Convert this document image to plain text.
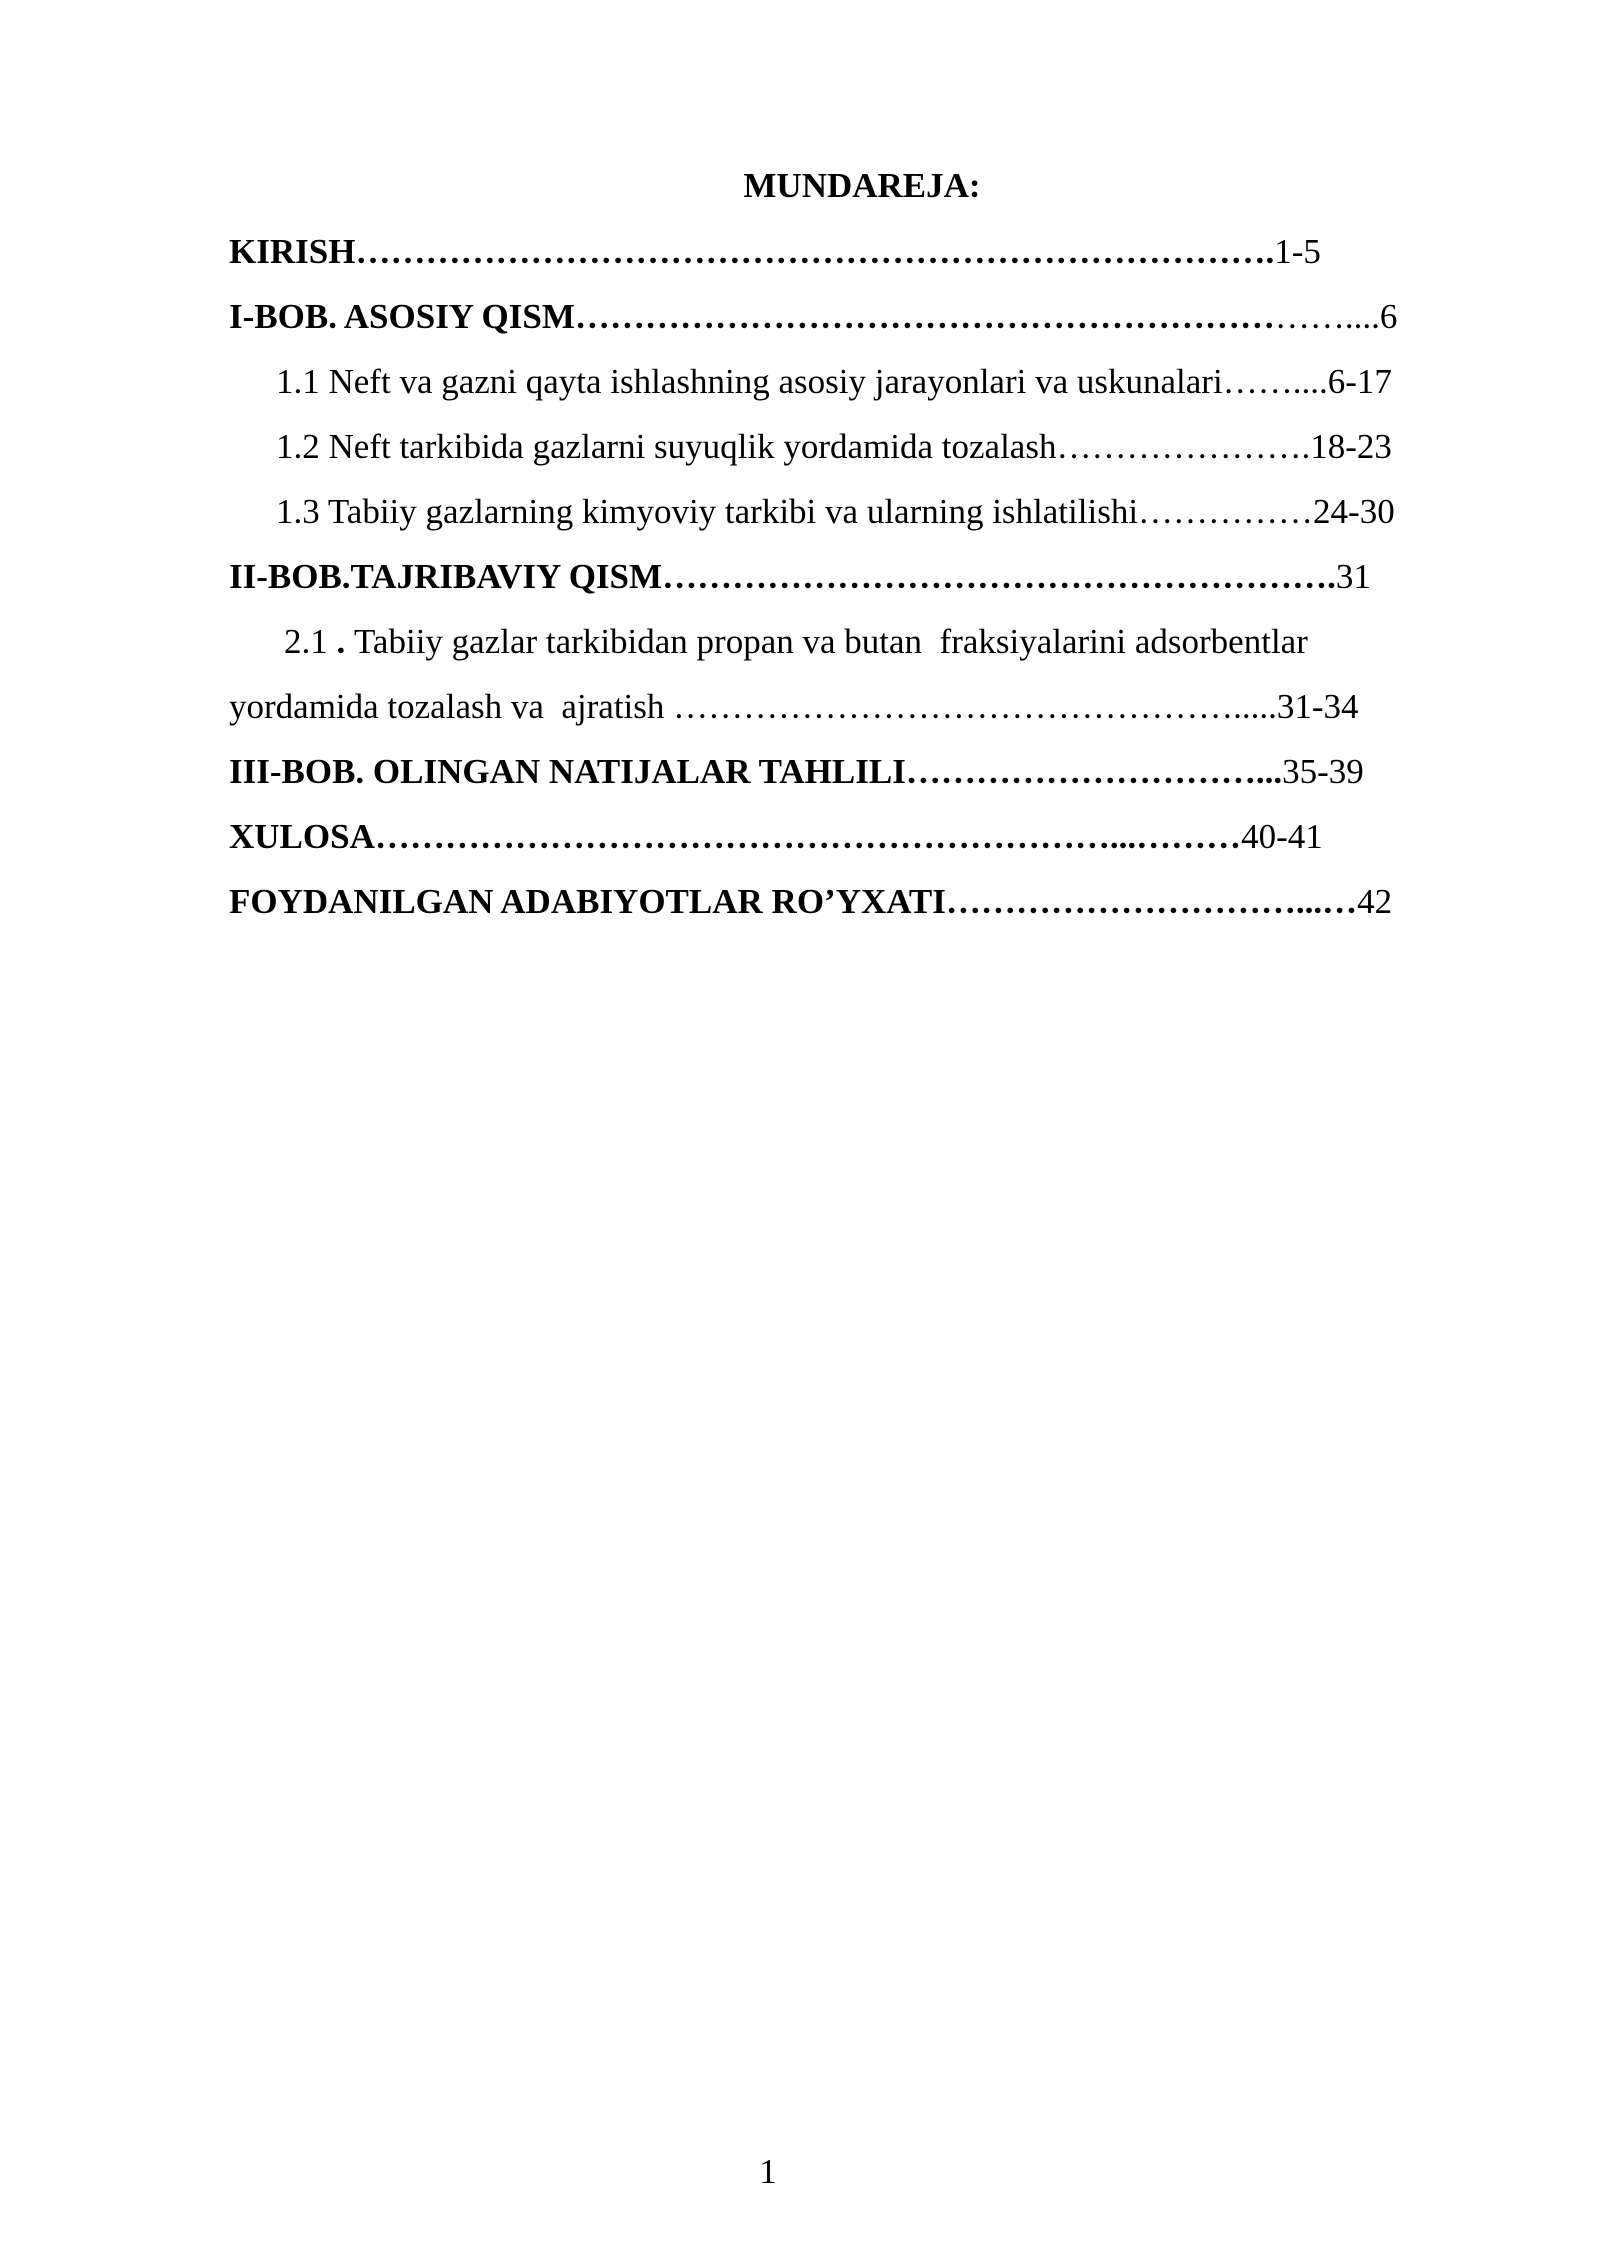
MUNDAREJA:
KIRISH…………………………………………………………………….1-5
I-BOB. ASOSIY QISM…………………………………………………………....6
1.1 Neft va gazni qayta ishlashning asosiy jarayonlari va uskunalari……....6-17
1.2 Neft tarkibida gazlarni suyuqlik yordamida tozalash………………….18-23
1.3 Tabiiy gazlarning kimyoviy tarkibi va ularning ishlatilishi……………24-30
II-BOB.TAJRIBAVIY QISM………………………………………………….31
2.1 . Tabiiy gazlar tarkibidan propan va butan  fraksiyalarini adsorbentlar
yordamida tozalash va  ajratish ………………………………………….....31-34
III-BOB. OLINGAN NATIJALAR TAHLILI…………………………...35-39
XULOSA………………………………………………………...………40-41
FOYDANILGAN ADABIYOTLAR RO’YXATI…………………………...…42
1
